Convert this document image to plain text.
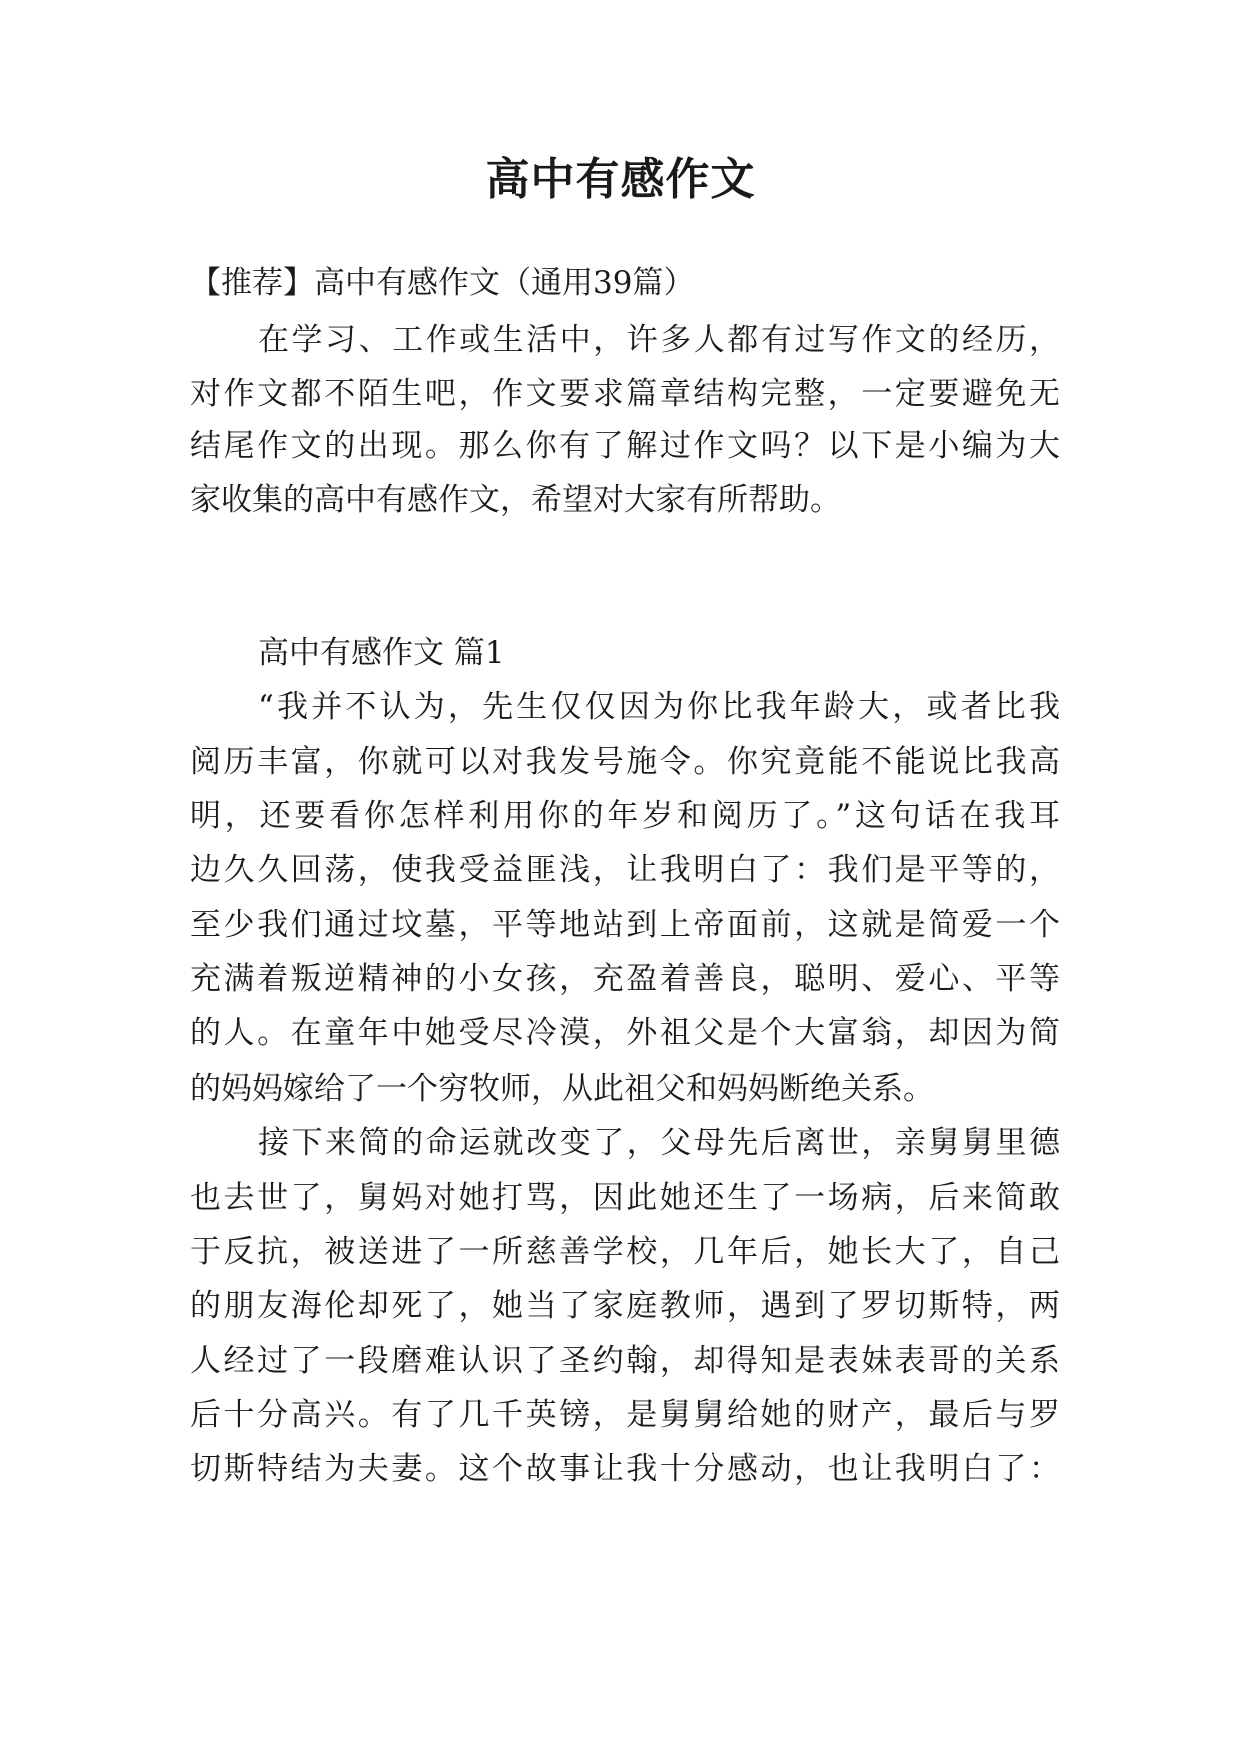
高中有感作文
【推荐】高中有感作文（通用39篇）
在学习、工作或生活中，许多人都有过写作文的经历，
对作文都不陌生吧，作文要求篇章结构完整，一定要避免无
结尾作文的出现。那么你有了解过作文吗？以下是小编为大
家收集的高中有感作文，希望对大家有所帮助。
高中有感作文 篇1
“我并不认为，先生仅仅因为你比我年龄大，或者比我
阅历丰富，你就可以对我发号施令。你究竟能不能说比我高
明，还要看你怎样利用你的年岁和阅历了。”这句话在我耳
边久久回荡，使我受益匪浅，让我明白了：我们是平等的，
至少我们通过坟墓，平等地站到上帝面前，这就是简爱一个
充满着叛逆精神的小女孩，充盈着善良，聪明、爱心、平等
的人。在童年中她受尽冷漠，外祖父是个大富翁，却因为简
的妈妈嫁给了一个穷牧师，从此祖父和妈妈断绝关系。
接下来简的命运就改变了，父母先后离世，亲舅舅里德
也去世了，舅妈对她打骂，因此她还生了一场病，后来简敢
于反抗，被送进了一所慈善学校，几年后，她长大了，自己
的朋友海伦却死了，她当了家庭教师，遇到了罗切斯特，两
人经过了一段磨难认识了圣约翰，却得知是表妹表哥的关系
后十分高兴。有了几千英镑，是舅舅给她的财产，最后与罗
切斯特结为夫妻。这个故事让我十分感动，也让我明白了：
